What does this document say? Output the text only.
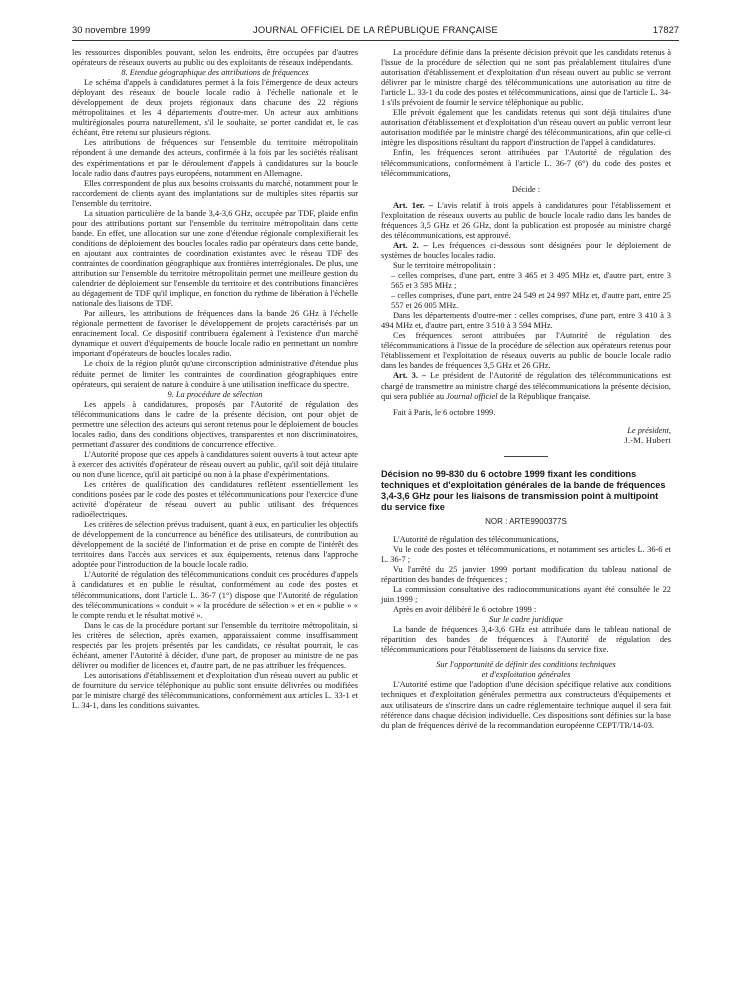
30 novembre 1999	JOURNAL OFFICIEL DE LA RÉPUBLIQUE FRANÇAISE	17827

les ressources disponibles pouvant, selon les endroits, être occupées par d'autres opérateurs de réseaux ouverts au public ou des exploitants de réseaux indépendants.

8. Etendue géographique des attributions de fréquences

Le schéma d'appels à candidatures permet à la fois l'émergence de deux acteurs déployant des réseaux de boucle locale radio à l'échelle nationale et le développement de deux projets régionaux dans chacune des 22 régions métropolitaines et les 4 départements d'outre-mer. Un acteur aux ambitions multirégionales pourra naturellement, s'il le souhaite, se porter candidat et, le cas échéant, être retenu sur plusieurs régions.

Les attributions de fréquences sur l'ensemble du territoire métropolitain répondent à une demande des acteurs, confirmée à la fois par les sociétés réalisant des expérimentations et par le déroulement d'appels à candidatures sur la boucle locale radio dans d'autres pays européens, notamment en Allemagne.

Elles correspondent de plus aux besoins croissants du marché, notamment pour le raccordement de clients ayant des implantations sur de multiples sites répartis sur l'ensemble du territoire.

La situation particulière de la bande 3,4-3,6 GHz, occupée par TDF, plaide enfin pour des attributions portant sur l'ensemble du territoire métropolitain dans cette bande. En effet, une allocation sur une zone d'étendue régionale complexifierait les conditions de déploiement des boucles locales radio par opérateurs dans cette bande, en ajoutant aux contraintes de coordination existantes avec le réseau TDF des contraintes de coordination géographique aux frontières interrégionales. De plus, une attribution sur l'ensemble du territoire métropolitain permet une meilleure gestion du calendrier de déploiement sur l'ensemble du territoire et des contributions financières au dégagement de TDF qu'il implique, en fonction du rythme de libération à l'échelle nationale des liaisons de TDF.

Par ailleurs, les attributions de fréquences dans la bande 26 GHz à l'échelle régionale permettent de favoriser le développement de projets caractérisés par un enracinement local. Ce dispositif contribuera également à l'existence d'un marché dynamique et ouvert d'équipements de boucle locale radio en permettant un nombre important d'opérateurs de boucles locales radio.

Le choix de la région plutôt qu'une circonscription administrative d'étendue plus réduite permet de limiter les contraintes de coordination géographiques entre opérateurs, qui seraient de nature à conduire à une utilisation inefficace du spectre.

9. La procédure de sélection

Les appels à candidatures, proposés par l'Autorité de régulation des télécommunications dans le cadre de la présente décision, ont pour objet de permettre une sélection des acteurs qui seront retenus pour le déploiement de boucles locales radio, dans des conditions objectives, transparentes et non discriminatoires, permettant d'assurer des conditions de concurrence effective.

L'Autorité propose que ces appels à candidatures soient ouverts à tout acteur apte à exercer des activités d'opérateur de réseau ouvert au public, qu'il soit déjà titulaire ou non d'une licence, qu'il ait participé ou non à la phase d'expérimentations.

Les critères de qualification des candidatures reflètent essentiellement les conditions posées par le code des postes et télécommunications pour l'exercice d'une activité d'opérateur de réseau ouvert au public utilisant des fréquences radioélectriques.

Les critères de sélection prévus traduisent, quant à eux, en particulier les objectifs de développement de la concurrence au bénéfice des utilisateurs, de contribution au développement de la société de l'information et de prise en compte de l'intérêt des territoires dans l'accès aux services et aux équipements, retenus dans l'approche adoptée pour l'introduction de la boucle locale radio.

L'Autorité de régulation des télécommunications conduit ces procédures d'appels à candidatures et en publie le résultat, conformément au code des postes et télécommunications, dont l'article L. 36-7 (1°) dispose que l'Autorité de régulation des télécommunications « conduit » « la procédure de sélection » et en « publie » « le compte rendu et le résultat motivé ».

Dans le cas de la procédure portant sur l'ensemble du territoire métropolitain, si les critères de sélection, après examen, apparaissaient comme insuffisamment respectés par les projets présentés par les candidats, ce résultat pourrait, le cas échéant, amener l'Autorité à décider, d'une part, de proposer au ministre de ne pas délivrer ou modifier de licences et, d'autre part, de ne pas attribuer les fréquences.

Les autorisations d'établissement et d'exploitation d'un réseau ouvert au public et de fourniture du service téléphonique au public sont ensuite délivrées ou modifiées par le ministre chargé des télécommunications, conformément aux articles L. 33-1 et L. 34-1, dans les conditions suivantes.

La procédure définie dans la présente décision prévoit que les candidats retenus à l'issue de la procédure de sélection qui ne sont pas préalablement titulaires d'une autorisation d'établissement et d'exploitation d'un réseau ouvert au public se verront délivrer par le ministre chargé des télécommunications une autorisation au titre de l'article L. 33-1 du code des postes et télécommunications, ainsi que de l'article L. 34-1 s'ils prévoient de fournir le service téléphonique au public.

Elle prévoit également que les candidats retenus qui sont déjà titulaires d'une autorisation d'établissement et d'exploitation d'un réseau ouvert au public verront leur autorisation modifiée par le ministre chargé des télécommunications, afin que celle-ci intègre les dispositions résultant du rapport d'instruction de l'appel à candidatures.

Enfin, les fréquences seront attribuées par l'Autorité de régulation des télécommunications, conformément à l'article L. 36-7 (6°) du code des postes et télécommunications,

Décide :

Art. 1er. – L'avis relatif à trois appels à candidatures pour l'établissement et l'exploitation de réseaux ouverts au public de boucle locale radio dans les bandes de fréquences 3,5 GHz et 26 GHz, dont la publication est proposée au ministre chargé des télécommunications, est approuvé.

Art. 2. – Les fréquences ci-dessous sont désignées pour le déploiement de systèmes de boucles locales radio.

Sur le territoire métropolitain :

– celles comprises, d'une part, entre 3 465 et 3 495 MHz et, d'autre part, entre 3 565 et 3 595 MHz ;

– celles comprises, d'une part, entre 24 549 et 24 997 MHz et, d'autre part, entre 25 557 et 26 005 MHz.

Dans les départements d'outre-mer : celles comprises, d'une part, entre 3 410 à 3 494 MHz et, d'autre part, entre 3 510 à 3 594 MHz.

Ces fréquences seront attribuées par l'Autorité de régulation des télécommunications à l'issue de la procédure de sélection aux opérateurs retenus pour l'établissement et l'exploitation de réseaux ouverts au public de boucle locale radio dans les bandes de fréquences 3,5 GHz et 26 GHz.

Art. 3. – Le président de l'Autorité de régulation des télécommunications est chargé de transmettre au ministre chargé des télécommunications la présente décision, qui sera publiée au Journal officiel de la République française.

Fait à Paris, le 6 octobre 1999.

Le président,

J.-M. Hubert

Décision no 99-830 du 6 octobre 1999 fixant les conditions techniques et d'exploitation générales de la bande de fréquences 3,4-3,6 GHz pour les liaisons de transmission point à multipoint du service fixe

NOR : ARTE9900377S

L'Autorité de régulation des télécommunications,

Vu le code des postes et télécommunications, et notamment ses articles L. 36-6 et L. 36-7 ;

Vu l'arrêté du 25 janvier 1999 portant modification du tableau national de répartition des bandes de fréquences ;

La commission consultative des radiocommunications ayant été consultée le 22 juin 1999 ;

Après en avoir délibéré le 6 octobre 1999 :

Sur le cadre juridique

La bande de fréquences 3,4-3,6 GHz est attribuée dans le tableau national de répartition des bandes de fréquences à l'Autorité de régulation des télécommunications pour l'établissement de liaisons du service fixe.

Sur l'opportunité de définir des conditions techniques

et d'exploitation générales

L'Autorité estime que l'adoption d'une décision spécifique relative aux conditions techniques et d'exploitation générales permettra aux constructeurs d'équipements et aux utilisateurs de s'inscrire dans un cadre réglementaire technique auquel il sera fait référence dans chaque décision individuelle. Ces dispositions sont définies sur la base du plan de fréquences dérivé de la recommandation européenne CEPT/TR/14-03.
